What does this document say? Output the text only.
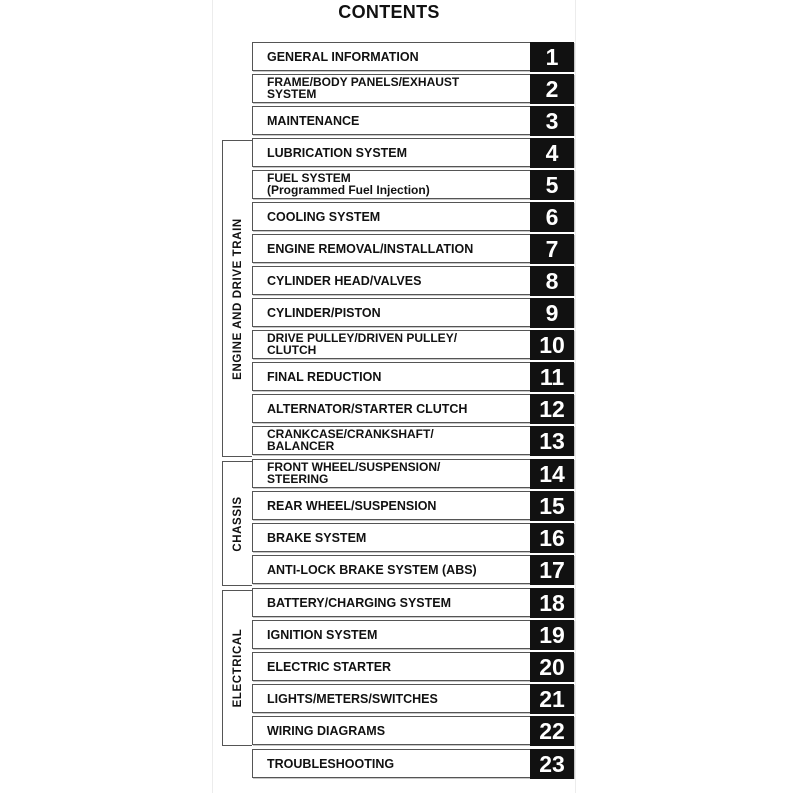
CONTENTS
ENGINE AND DRIVE TRAIN
CHASSIS
ELECTRICAL
GENERAL INFORMATION	1
FRAME/BODY PANELS/EXHAUST
SYSTEM	2
MAINTENANCE	3
LUBRICATION SYSTEM	4
FUEL SYSTEM
(Programmed Fuel Injection)	5
COOLING SYSTEM	6
ENGINE REMOVAL/INSTALLATION	7
CYLINDER HEAD/VALVES	8
CYLINDER/PISTON	9
DRIVE PULLEY/DRIVEN PULLEY/
CLUTCH	10
FINAL REDUCTION	11
ALTERNATOR/STARTER CLUTCH	12
CRANKCASE/CRANKSHAFT/
BALANCER	13
FRONT WHEEL/SUSPENSION/
STEERING	14
REAR WHEEL/SUSPENSION	15
BRAKE SYSTEM	16
ANTI-LOCK BRAKE SYSTEM (ABS)	17
BATTERY/CHARGING SYSTEM	18
IGNITION SYSTEM	19
ELECTRIC STARTER	20
LIGHTS/METERS/SWITCHES	21
WIRING DIAGRAMS	22
TROUBLESHOOTING	23
